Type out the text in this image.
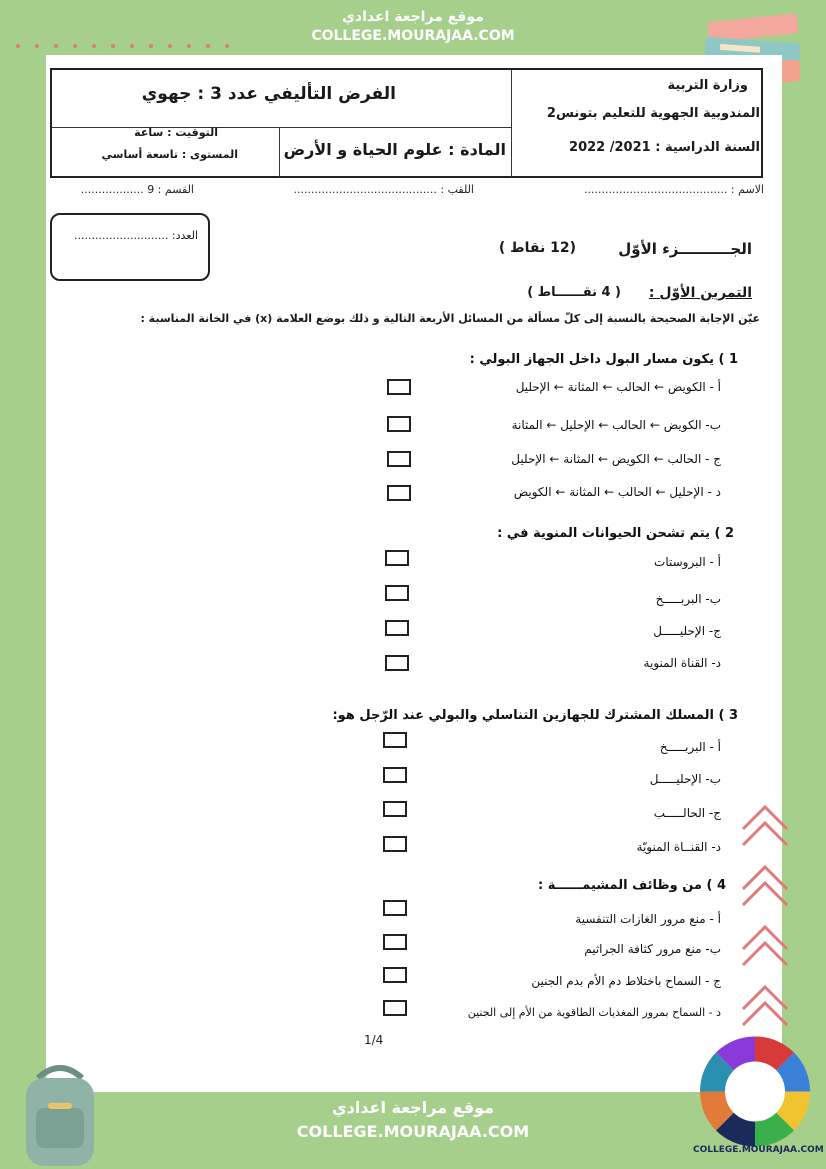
موقع مراجعة اعدادي
COLLEGE.MOURAJAA.COM
وزارة التربية
المندوبية الجهوية للتعليم بتونس2
السنة الدراسية : 2021/ 2022
الفرض التأليفي عدد 3 : جهوي
المادة : علوم الحياة و الأرض
التوقيت : ساعة
المستوى : تاسعة أساسي
الاسم : .........................................
اللقب : .........................................
القسم : 9 ..................
العدد: ...........................
الجــــــــــزء الأوّل
(12 نقاط )
التمرين الأوّل :
( 4 نقــــــاط )
عيّن الإجابة الصحيحة بالنسبة إلى كلّ مسألة من المسائل الأربعة التالية و ذلك بوضع العلامة (x) في الخانة المناسبة :
1 ) يكون مسار البول داخل الجهاز البولي :
أ - الكويض ← الحالب ← المثانة ← الإحليل
ب- الكويض ← الحالب ← الإحليل ← المثانة
ج - الحالب ← الكويض ← المثانة ← الإحليل
د - الإحليل ← الحالب ← المثانة ← الكويض
2 ) يتم تشحن الحيوانات المنوية في :
أ - البروستات
ب- البربـــــخ
ج- الإحليـــــل
د- القناة المنوية
3 ) المسلك المشترك للجهازين التناسلي والبولي عند الرّجل هو:
أ - البربـــــخ
ب- الإحليـــــل
ج- الحالـــــب
د- القنــاة المنويّة
4 ) من وظائف المشيمــــــة :
أ - منع مرور الغازات التنفسية
ب- منع مرور كثافة الجراثيم
ج - السماح باختلاط دم الأم بدم الجنين
د - السماح بمرور المغذيات الطاقوية من الأم إلى الجنين
1/4
موقع مراجعة اعدادي
COLLEGE.MOURAJAA.COM
COLLEGE.MOURAJAA.COM
